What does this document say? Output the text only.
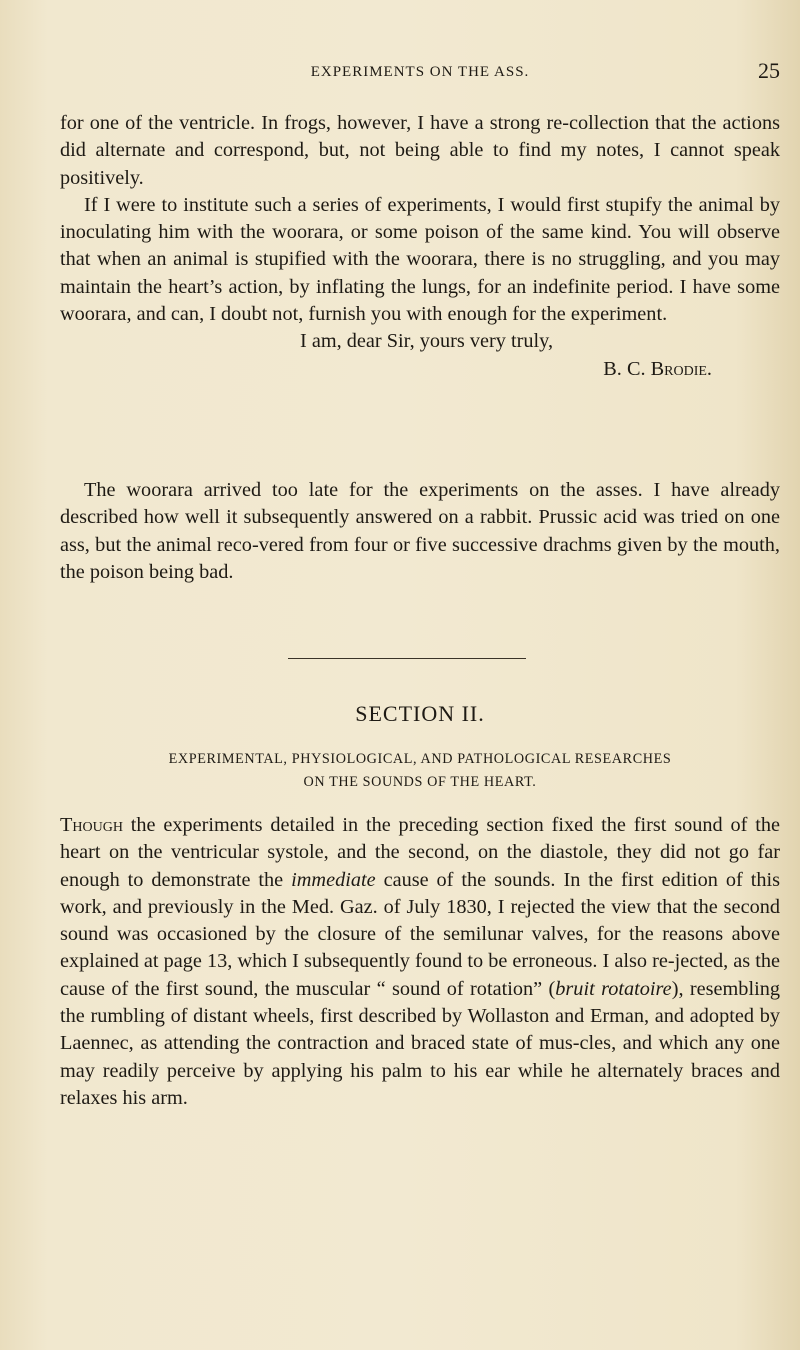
EXPERIMENTS ON THE ASS.	25

for one of the ventricle. In frogs, however, I have a strong re-collection that the actions did alternate and correspond, but, not being able to find my notes, I cannot speak positively.

If I were to institute such a series of experiments, I would first stupify the animal by inoculating him with the woorara, or some poison of the same kind. You will observe that when an animal is stupified with the woorara, there is no struggling, and you may maintain the heart’s action, by inflating the lungs, for an indefinite period. I have some woorara, and can, I doubt not, furnish you with enough for the experiment.

I am, dear Sir, yours very truly,

B. C. Brodie.

The woorara arrived too late for the experiments on the asses. I have already described how well it subsequently answered on a rabbit. Prussic acid was tried on one ass, but the animal reco-vered from four or five successive drachms given by the mouth, the poison being bad.

SECTION II.
EXPERIMENTAL, PHYSIOLOGICAL, AND PATHOLOGICAL RESEARCHES
ON THE SOUNDS OF THE HEART.

Though the experiments detailed in the preceding section fixed the first sound of the heart on the ventricular systole, and the second, on the diastole, they did not go far enough to demonstrate the immediate cause of the sounds. In the first edition of this work, and previously in the Med. Gaz. of July 1830, I rejected the view that the second sound was occasioned by the closure of the semilunar valves, for the reasons above explained at page 13, which I subsequently found to be erroneous. I also re-jected, as the cause of the first sound, the muscular “ sound of rotation” (bruit rotatoire), resembling the rumbling of distant wheels, first described by Wollaston and Erman, and adopted by Laennec, as attending the contraction and braced state of mus-cles, and which any one may readily perceive by applying his palm to his ear while he alternately braces and relaxes his arm.
